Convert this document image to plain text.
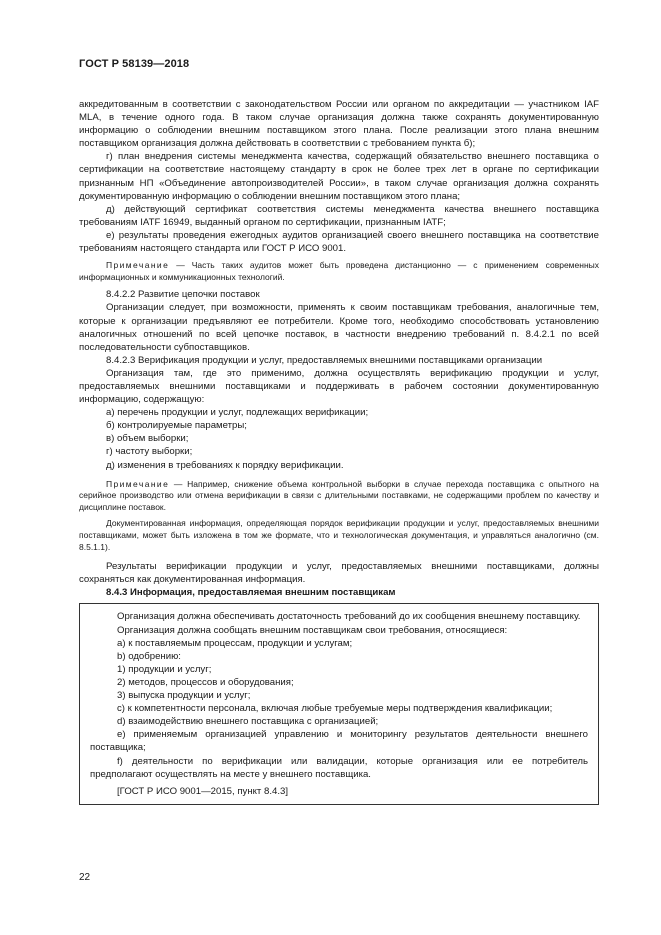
ГОСТ Р 58139—2018

аккредитованным в соответствии с законодательством России или органом по аккредитации — участником IAF MLA, в течение одного года. В таком случае организация должна также сохранять документированную информацию о соблюдении внешним поставщиком этого плана. После реализации этого плана внешним поставщиком организация должна действовать в соответствии с требованием пункта б);

г) план внедрения системы менеджмента качества, содержащий обязательство внешнего поставщика о сертификации на соответствие настоящему стандарту в срок не более трех лет в органе по сертификации признанным НП «Объединение автопроизводителей России», в таком случае организация должна сохранять документированную информацию о соблюдении внешним поставщиком этого плана;

д) действующий сертификат соответствия системы менеджмента качества внешнего поставщика требованиям IATF 16949, выданный органом по сертификации, признанным IATF;

е) результаты проведения ежегодных аудитов организацией своего внешнего поставщика на соответствие требованиям настоящего стандарта или ГОСТ Р ИСО 9001.

Примечание — Часть таких аудитов может быть проведена дистанционно — с применением современных информационных и коммуникационных технологий.

8.4.2.2 Развитие цепочки поставок

Организации следует, при возможности, применять к своим поставщикам требования, аналогичные тем, которые к организации предъявляют ее потребители. Кроме того, необходимо способствовать установлению аналогичных отношений по всей цепочке поставок, в частности внедрению требований п. 8.4.2.1 по всей последовательности субпоставщиков.

8.4.2.3 Верификация продукции и услуг, предоставляемых внешними поставщиками организации

Организация там, где это применимо, должна осуществлять верификацию продукции и услуг, предоставляемых внешними поставщиками и поддерживать в рабочем состоянии документированную информацию, содержащую:

а) перечень продукции и услуг, подлежащих верификации;

б) контролируемые параметры;

в) объем выборки;

г) частоту выборки;

д) изменения в требованиях к порядку верификации.

Примечание — Например, снижение объема контрольной выборки в случае перехода поставщика с опытного на серийное производство или отмена верификации в связи с длительными поставками, не содержащими проблем по качеству и дисциплине поставок.

Документированная информация, определяющая порядок верификации продукции и услуг, предоставляемых внешними поставщиками, может быть изложена в том же формате, что и технологическая документация, и управляться аналогично (см. 8.5.1.1).

Результаты верификации продукции и услуг, предоставляемых внешними поставщиками, должны сохраняться как документированная информация.

8.4.3 Информация, предоставляемая внешним поставщикам

Организация должна обеспечивать достаточность требований до их сообщения внешнему поставщику.

Организация должна сообщать внешним поставщикам свои требования, относящиеся:

а) к поставляемым процессам, продукции и услугам;

b) одобрению:

1) продукции и услуг;

2) методов, процессов и оборудования;

3) выпуска продукции и услуг;

с) к компетентности персонала, включая любые требуемые меры подтверждения квалификации;

d) взаимодействию внешнего поставщика с организацией;

е) применяемым организацией управлению и мониторингу результатов деятельности внешнего поставщика;

f) деятельности по верификации или валидации, которые организация или ее потребитель предполагают осуществлять на месте у внешнего поставщика.

[ГОСТ Р ИСО 9001—2015, пункт 8.4.3]

22
